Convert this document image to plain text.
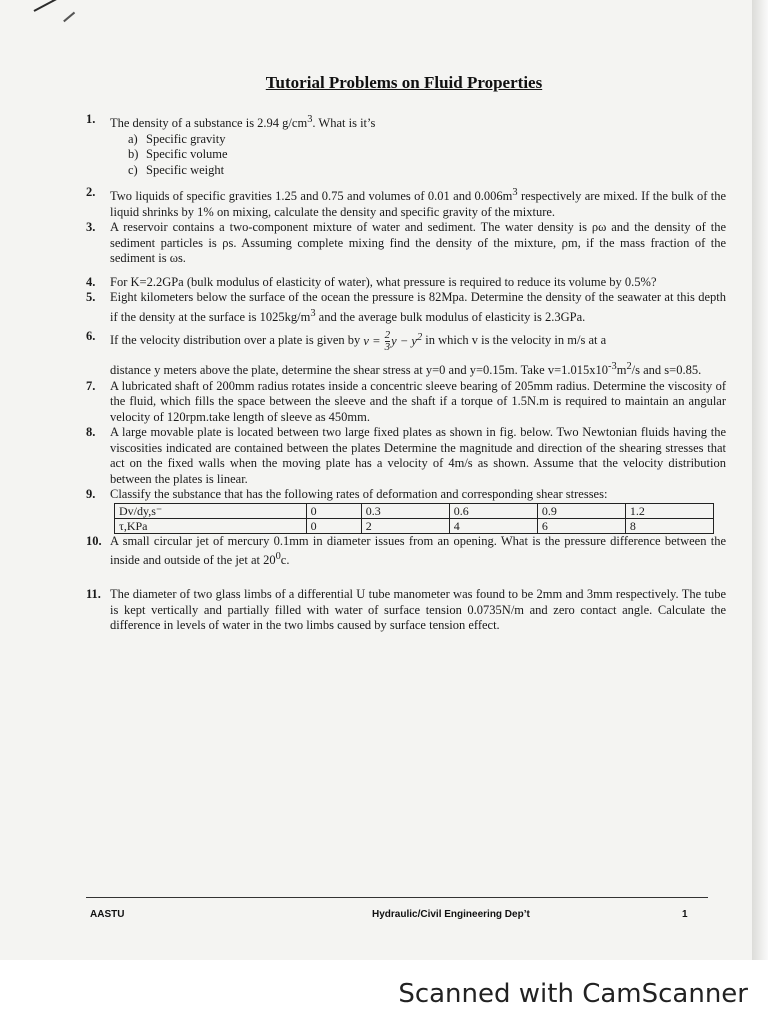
Tutorial Problems on Fluid Properties
1.	The density of a substance is 2.94 $g/cm^3$. What is it’s
a) Specific gravity
b) Specific volume
c) Specific weight
2.	Two liquids of specific gravities 1.25 and 0.75 and volumes of 0.01 and $0.006m^3$ respectively are mixed. If the bulk of the liquid shrinks by 1% on mixing, calculate the density and specific gravity of the mixture.
3.	A reservoir contains a two-component mixture of water and sediment. The water density is ρω and the density of the sediment particles is ρs. Assuming complete mixing find the density of the mixture, ρm, if the mass fraction of the sediment is ωs.
4.	For K=2.2GPa (bulk modulus of elasticity of water), what pressure is required to reduce its volume by 0.5%?
5.	Eight kilometers below the surface of the ocean the pressure is 82Mpa. Determine the density of the seawater at this depth if the density at the surface is $1025kg/m^3$ and the average bulk modulus of elasticity is 2.3GPa.
6.	If the velocity distribution over a plate is given by $v = \frac{2}{3}$ $y - y^2$ in which v is the velocity in m/s at a
distance y meters above the plate, determine the shear stress at y=0 and y=0.15m. Take $v=1.015x10^{-3}m^2/s$ and s=0.85.
7.	A lubricated shaft of 200mm radius rotates inside a concentric sleeve bearing of 205mm radius. Determine the viscosity of the fluid, which fills the space between the sleeve and the shaft if a torque of 1.5N.m is required to maintain an angular velocity of 120rpm.take length of sleeve as 450mm.
8.	A large movable plate is located between two large fixed plates as shown in fig. below. Two Newtonian fluids having the viscosities indicated are contained between the plates Determine the magnitude and direction of the shearing stresses that act on the fixed walls when the moving plate has a velocity of 4m/s as shown. Assume that the velocity distribution between the plates is linear.
9.	Classify the substance that has the following rates of deformation and corresponding shear stresses:
Dv/dy,s⁻	0	0.3	0.6	0.9	1.2
τ,KPa	0	2	4	6	8
10. A small circular jet of mercury 0.1mm in diameter issues from an opening. What is the pressure difference between the inside and outside of the jet at $20^0c$.
11. The diameter of two glass limbs of a differential U tube manometer was found to be 2mm and 3mm respectively. The tube is kept vertically and partially filled with water of surface tension 0.0735N/m and zero contact angle. Calculate the difference in levels of water in the two limbs caused by surface tension effect.
AASTU	Hydraulic/Civil Engineering Dep’t	1
Scanned with CamScanner
